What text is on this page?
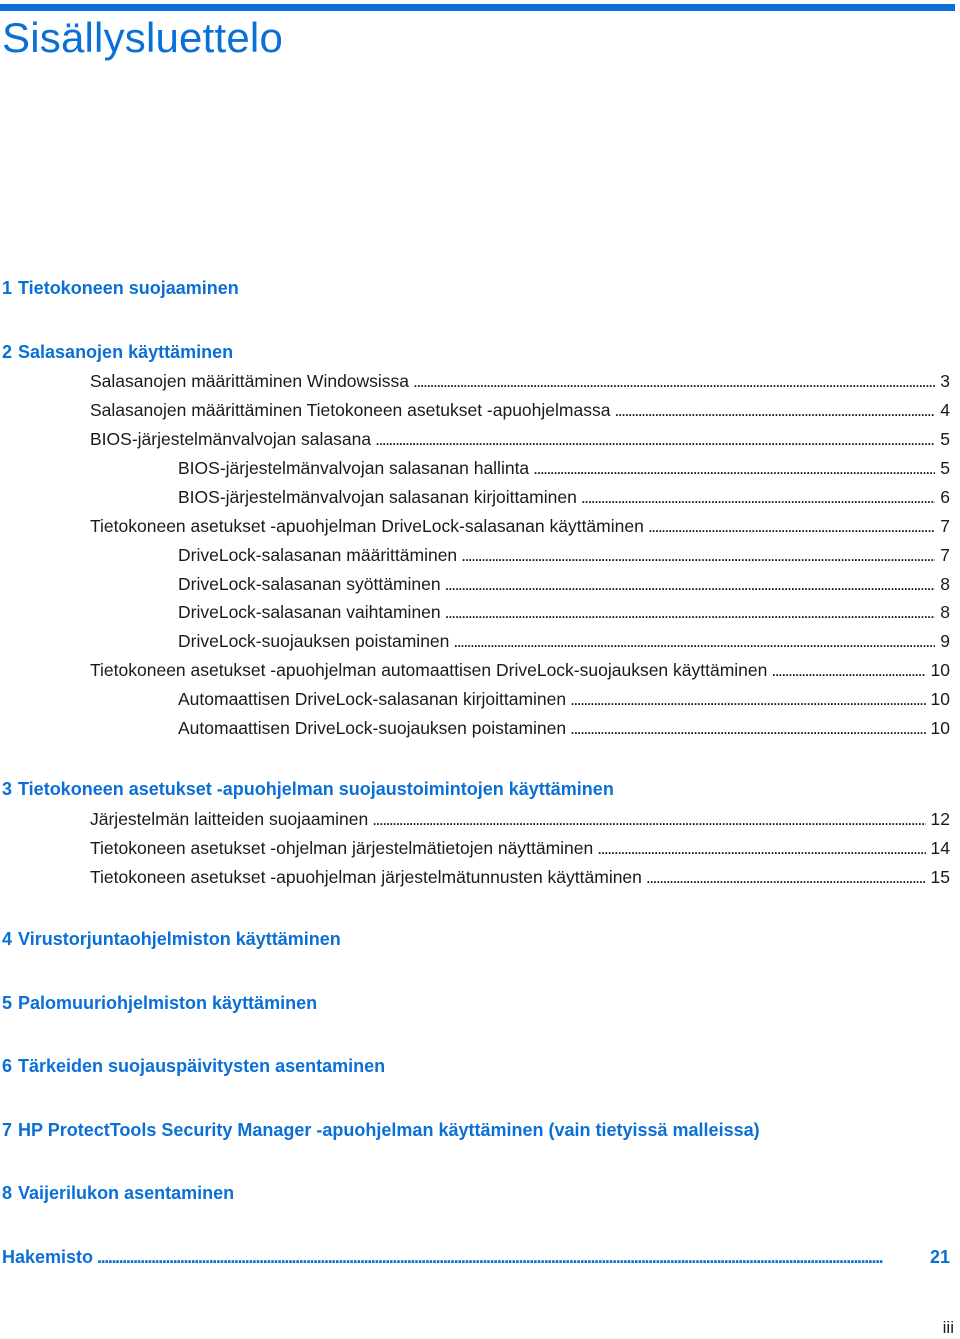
Sisällysluettelo
1 Tietokoneen suojaaminen
2 Salasanojen käyttäminen
Salasanojen määrittäminen Windowsissa . . .	3
Salasanojen määrittäminen Tietokoneen asetukset -apuohjelmassa . . .	4
BIOS-järjestelmänvalvojan salasana . . .	5
BIOS-järjestelmänvalvojan salasanan hallinta . . .	5
BIOS-järjestelmänvalvojan salasanan kirjoittaminen . . .	6
Tietokoneen asetukset -apuohjelman DriveLock-salasanan käyttäminen . . .	7
DriveLock-salasanan määrittäminen . . .	7
DriveLock-salasanan syöttäminen . . .	8
DriveLock-salasanan vaihtaminen . . .	8
DriveLock-suojauksen poistaminen . . .	9
Tietokoneen asetukset -apuohjelman automaattisen DriveLock-suojauksen käyttäminen . . .	10
Automaattisen DriveLock-salasanan kirjoittaminen . . .	10
Automaattisen DriveLock-suojauksen poistaminen . . .	10
3 Tietokoneen asetukset -apuohjelman suojaustoimintojen käyttäminen
Järjestelmän laitteiden suojaaminen . . .	12
Tietokoneen asetukset -ohjelman järjestelmätietojen näyttäminen . . .	14
Tietokoneen asetukset -apuohjelman järjestelmätunnusten käyttäminen . . .	15
4 Virustorjuntaohjelmiston käyttäminen
5 Palomuuriohjelmiston käyttäminen
6 Tärkeiden suojauspäivitysten asentaminen
7 HP ProtectTools Security Manager -apuohjelman käyttäminen (vain tietyissä malleissa)
8 Vaijerilukon asentaminen
Hakemisto . . .	21
iii
